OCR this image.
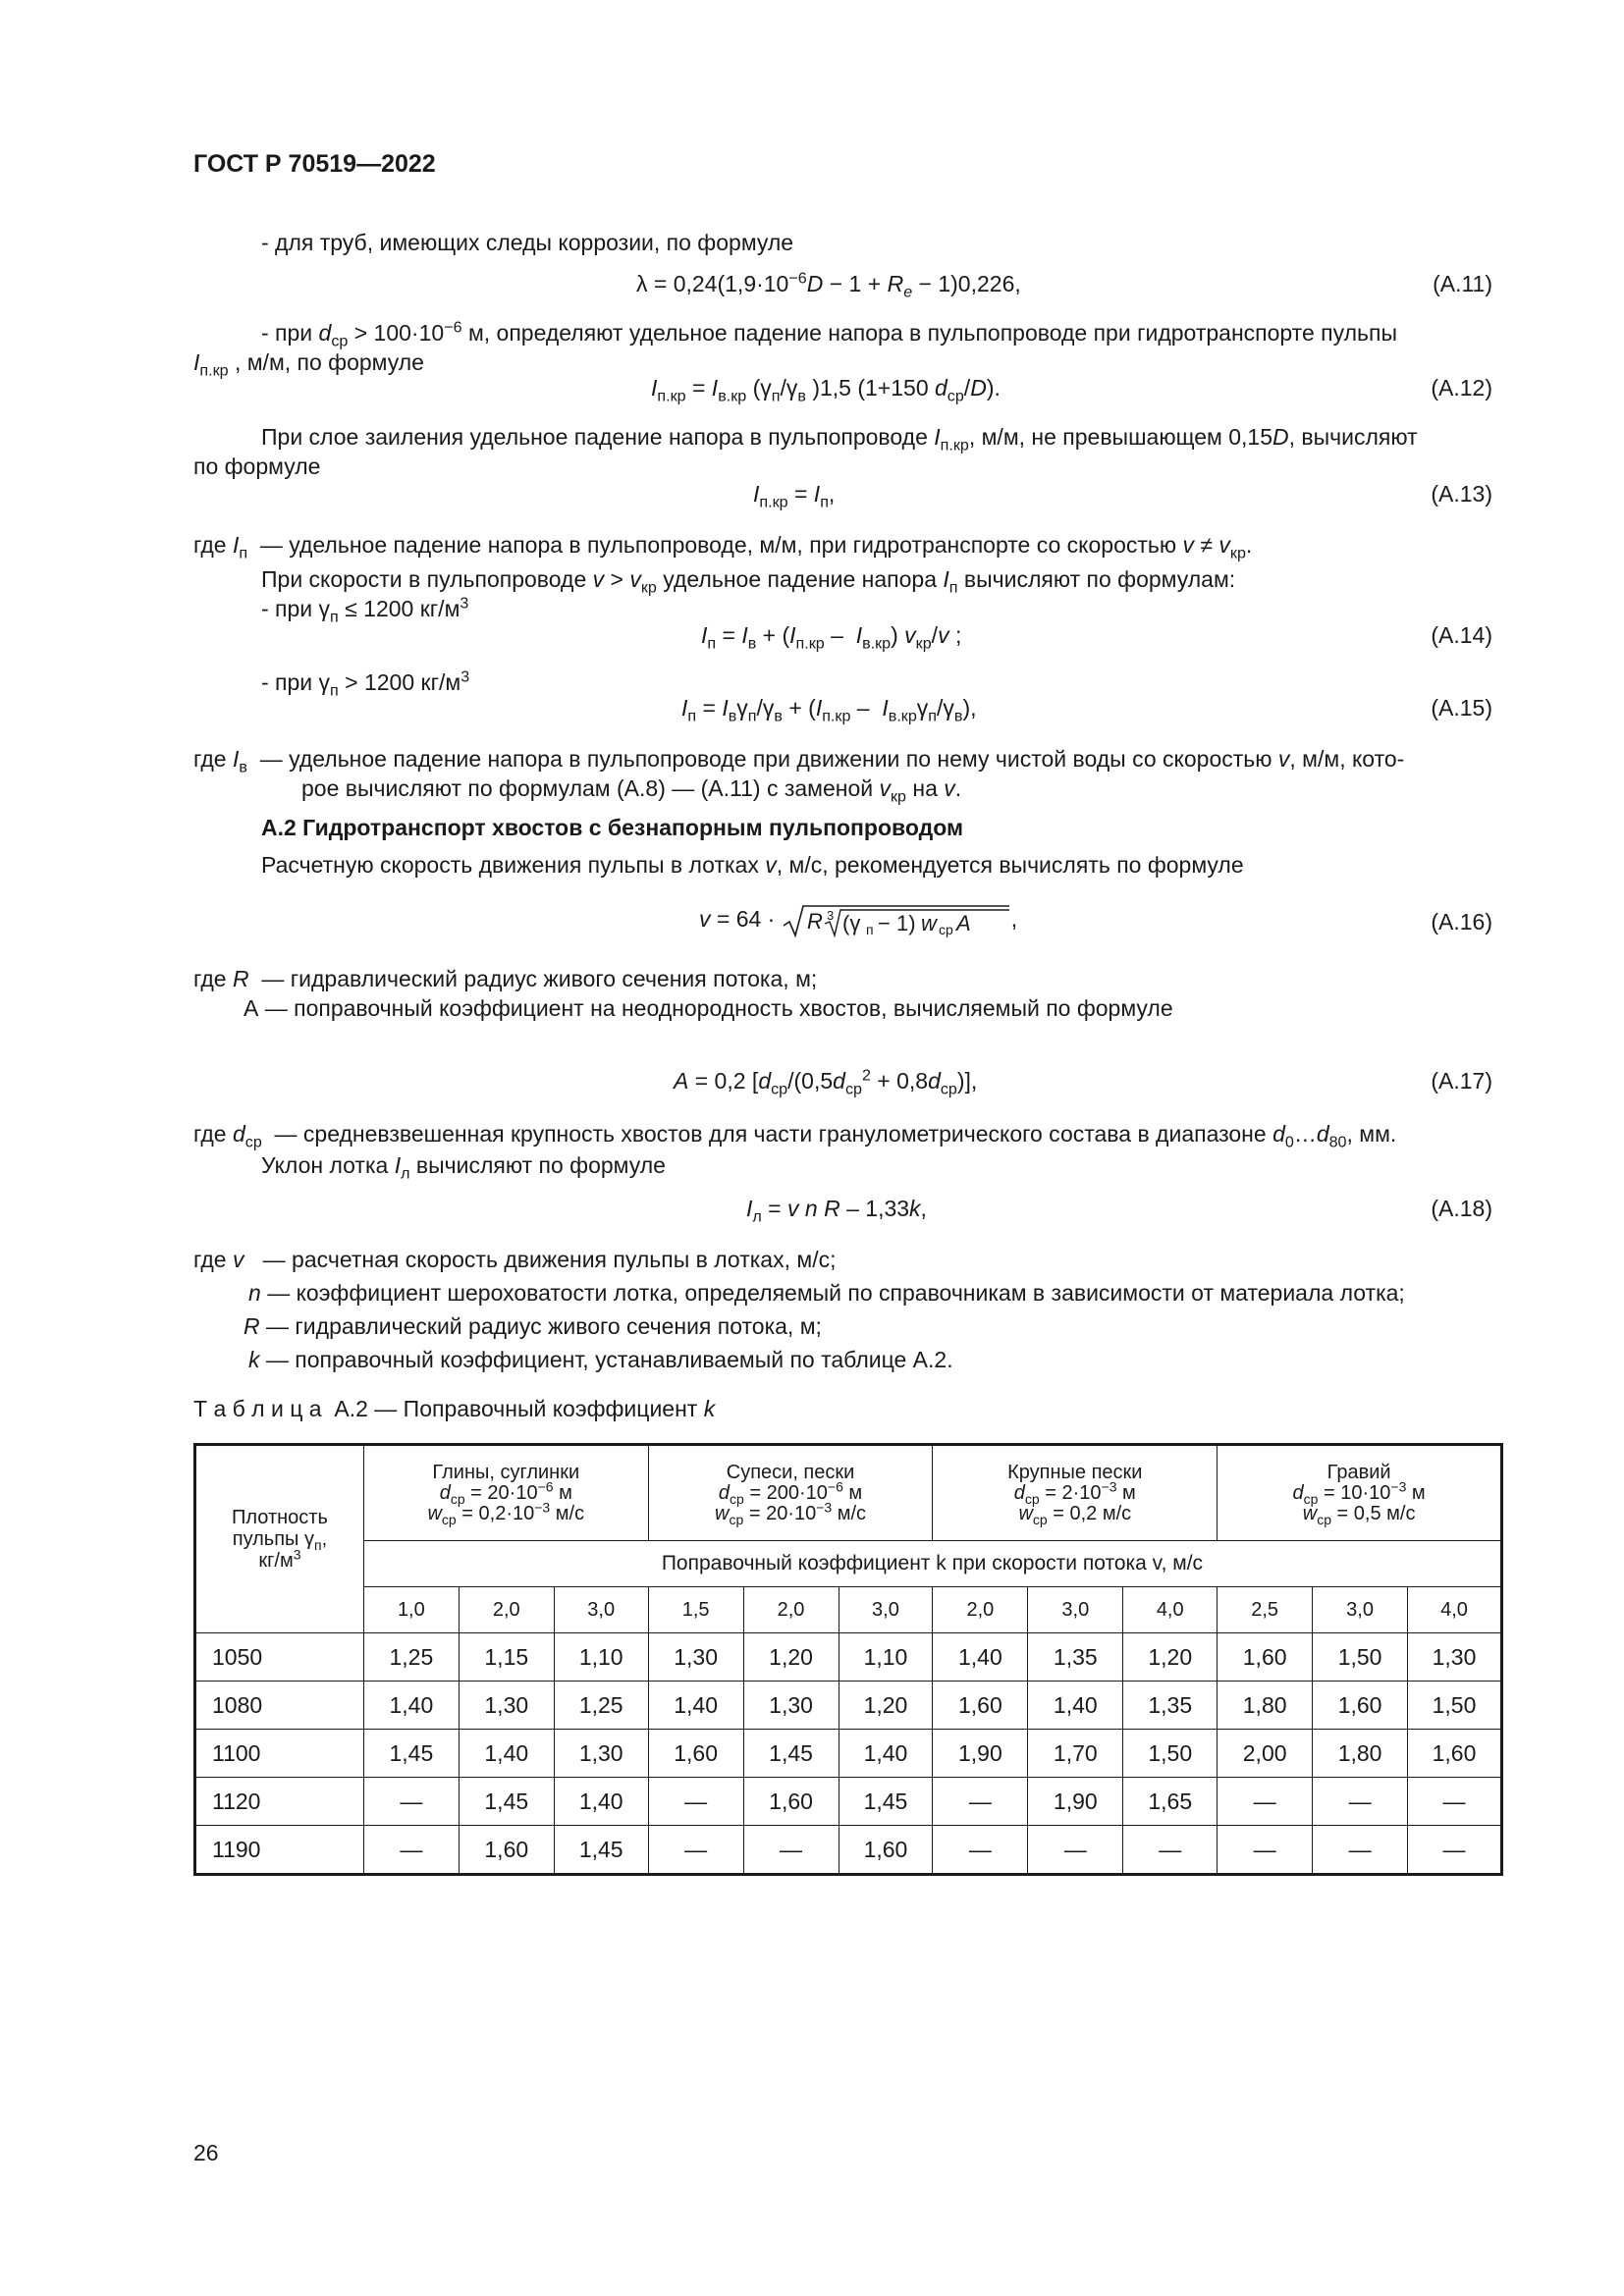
ГОСТ Р 70519—2022
- для труб, имеющих следы коррозии, по формуле
$\lambda = 0,24(1,9\cdot 10^{-6}D - 1 + R_e - 1)0,226$,	(А.11)
- при $d_{ср} > 100\cdot 10^{-6}$ м, определяют удельное падение напора в пульпопроводе при гидротранспорте пульпы
$I_{п.кр}$ , м/м, по формуле
$I_{п.кр} = I_{в.кр}$ ($\gamma_п/\gamma_в$ )1,5 (1+150 $d_{ср}/D$).	(А.12)
При слое заиления удельное падение напора в пульпопроводе $I_{п.кр}$, м/м, не превышающем 0,15D, вычисляют
по формуле
$I_{п.кр} = I_п$,	(А.13)
где $I_п$ — удельное падение напора в пульпопроводе, м/м, при гидротранспорте со скоростью $v \ne v_{кр}$.
При скорости в пульпопроводе $v > v_{кр}$ удельное падение напора $I_п$ вычисляют по формулам:
- при $\gamma_п \le 1200$ $кг/м^3$
$I_п = I_в + (I_{п.кр} - I_{в.кр})$ $v_{кр}/v$ ;	(А.14)
- при $\gamma_п > 1200$ $кг/м^3$
$I_п = I_в\gamma_п/\gamma_в + (I_{п.кр} - I_{в.кр}\gamma_п/\gamma_в)$,	(А.15)
где $I_в$ — удельное падение напора в пульпопроводе при движении по нему чистой воды со скоростью v, м/м, кото-
рое вычисляют по формулам (А.8) — (А.11) с заменой $v_{кр}$ на v.
А.2 Гидротранспорт хвостов с безнапорным пульпопроводом
Расчетную скорость движения пульпы в лотках v, м/с, рекомендуется вычислять по формуле
v = 64 · R 3 (γ п − 1) w ср A ,	(А.16)
где R — гидравлический радиус живого сечения потока, м;
А — поправочный коэффициент на неоднородность хвостов, вычисляемый по формуле
A = 0,2 $[d_{ср}/(0,5d_{ср}^2 + 0,8d_{ср})]$,	(А.17)
где $d_{ср}$ — средневзвешенная крупность хвостов для части гранулометрического состава в диапазоне $d_0\dots d_{80}$, мм.
Уклон лотка $I_л$ вычисляют по формуле
$I_л = v$ n R – 1,33k,	(А.18)
где v — расчетная скорость движения пульпы в лотках, м/с;
n — коэффициент шероховатости лотка, определяемый по справочникам в зависимости от материала лотка;
R — гидравлический радиус живого сечения потока, м;
k — поправочный коэффициент, устанавливаемый по таблице А.2.
Т а б л и ц а  А.2 — Поправочный коэффициент k
Плотность
пульпы $\gamma_п$,
$кг/м^3$	Глины, суглинки
$d_{ср} = 20\cdot 10^{-6}$ м
$w_{ср} = 0,2\cdot 10^{-3}$ м/с			Супеси, пески
$d_{ср} = 200\cdot 10^{-6}$ м
$w_{ср} = 20\cdot 10^{-3}$ м/с			Крупные пески
$d_{ср} = 2\cdot 10^{-3}$ м
$w_{ср} = 0,2$ м/с			Гравий
$d_{ср} = 10\cdot 10^{-3}$ м
$w_{ср} = 0,5$ м/с		

	Поправочный коэффициент k при скорости потока v, м/с											
	1,0	2,0	3,0	1,5	2,0	3,0	2,0	3,0	4,0	2,5	3,0	4,0
1050	1,25	1,15	1,10	1,30	1,20	1,10	1,40	1,35	1,20	1,60	1,50	1,30
1080	1,40	1,30	1,25	1,40	1,30	1,20	1,60	1,40	1,35	1,80	1,60	1,50
1100	1,45	1,40	1,30	1,60	1,45	1,40	1,90	1,70	1,50	2,00	1,80	1,60
1120	—	1,45	1,40	—	1,60	1,45	—	1,90	1,65	—	—	—
1190	—	1,60	1,45	—	—	1,60	—	—	—	—	—	—
26
